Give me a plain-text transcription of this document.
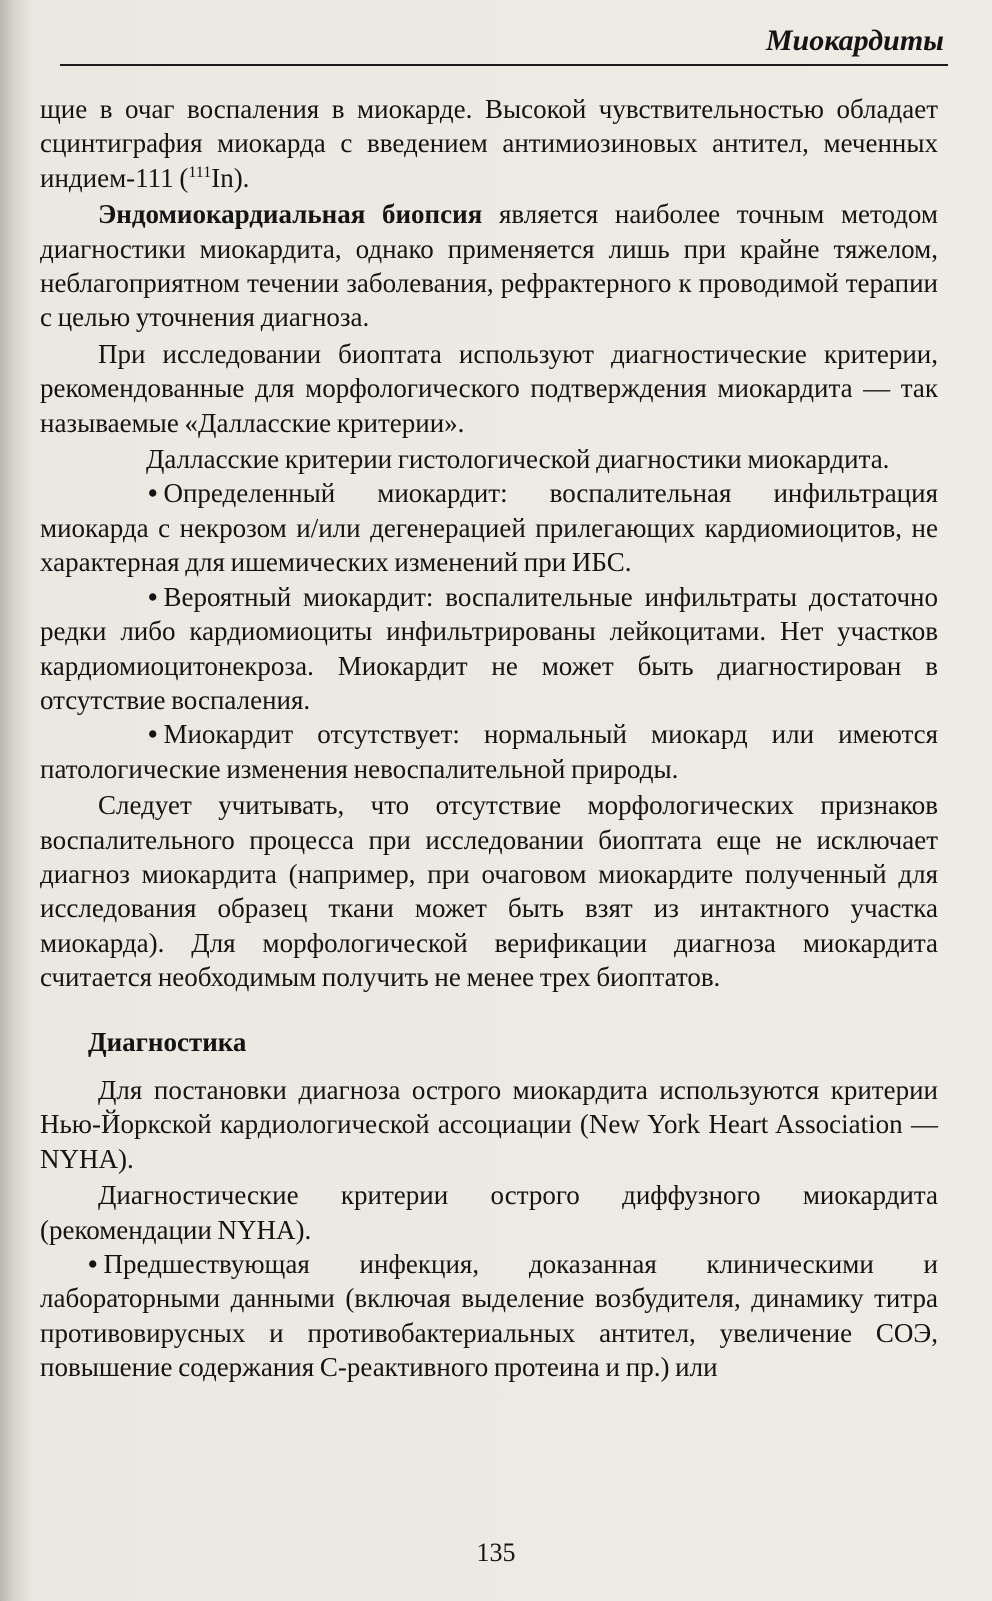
Миокардиты

щие в очаг воспаления в миокарде. Высокой чувствительностью обладает сцинтиграфия миокарда с введением антимиозиновых антител, меченных индием-111 ($^{111}$In).

Эндомиокардиальная биопсия является наиболее точным методом диагностики миокардита, однако применяется лишь при крайне тяжелом, неблагоприятном течении заболевания, рефрактерного к проводимой терапии с целью уточнения диагноза.

При исследовании биоптата используют диагностические критерии, рекомендованные для морфологического подтверждения миокардита — так называемые «Далласские критерии».

Далласские критерии гистологической диагностики миокардита.

• Определенный миокардит: воспалительная инфильтрация миокарда с некрозом и/или дегенерацией прилегающих кардиомиоцитов, не характерная для ишемических изменений при ИБС.

• Вероятный миокардит: воспалительные инфильтраты достаточно редки либо кардиомиоциты инфильтрированы лейкоцитами. Нет участков кардиомиоцитонекроза. Миокардит не может быть диагностирован в отсутствие воспаления.

• Миокардит отсутствует: нормальный миокард или имеются патологические изменения невоспалительной природы.

Следует учитывать, что отсутствие морфологических признаков воспалительного процесса при исследовании биоптата еще не исключает диагноз миокардита (например, при очаговом миокардите полученный для исследования образец ткани может быть взят из интактного участка миокарда). Для морфологической верификации диагноза миокардита считается необходимым получить не менее трех биоптатов.

Диагностика

Для постановки диагноза острого миокардита используются критерии Нью-Йоркской кардиологической ассоциации (New York Heart Association — NYHA).

Диагностические критерии острого диффузного миокардита (рекомендации NYHA).

• Предшествующая инфекция, доказанная клиническими и лабораторными данными (включая выделение возбудителя, динамику титра противовирусных и противобактериальных антител, увеличение СОЭ, повышение содержания С-реактивного протеина и пр.) или

135
